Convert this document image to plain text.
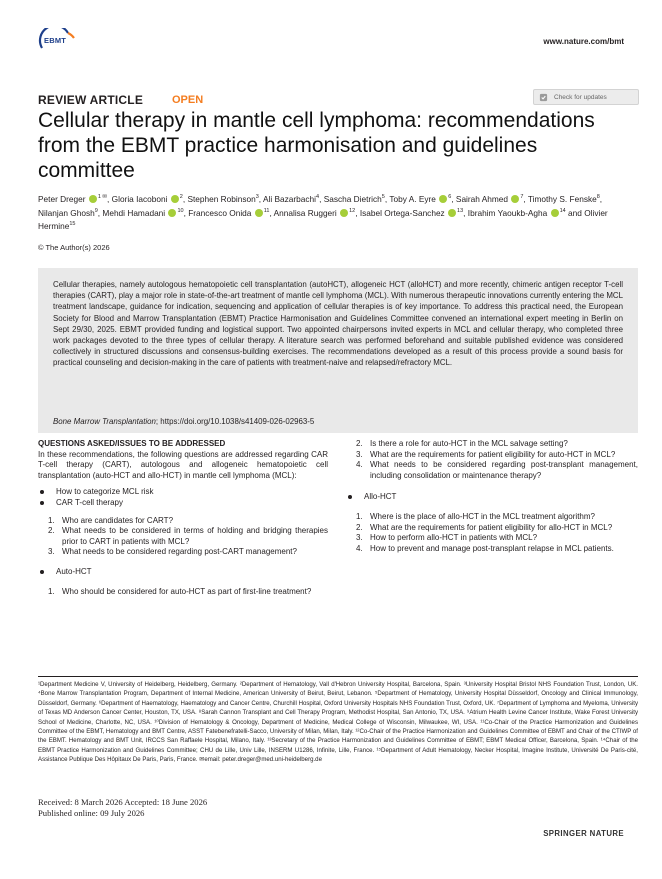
EBMT	www.nature.com/bmt
REVIEW ARTICLE	OPEN	Check for updates
Cellular therapy in mantle cell lymphoma: recommendations from the EBMT practice harmonisation and guidelines committee
Peter Dreger $^{1 ✉}$, Gloria Iacoboni $^2$, Stephen Robinson$^3$, Ali Bazarbachi$^4$, Sascha Dietrich$^5$, Toby A. Eyre $^6$, Sairah Ahmed $^7$, Timothy S. Fenske$^8$, Nilanjan Ghosh$^9$, Mehdi Hamadani $^{10}$, Francesco Onida $^{11}$, Annalisa Ruggeri $^{12}$, Isabel Ortega-Sanchez $^{13}$, Ibrahim Yaoukb-Agha $^{14}$ and Olivier Hermine$^{15}$
© The Author(s) 2026
Cellular therapies, namely autologous hematopoietic cell transplantation (autoHCT), allogeneic HCT (alloHCT) and more recently, chimeric antigen receptor T-cell therapies (CART), play a major role in state-of-the-art treatment of mantle cell lymphoma (MCL). With numerous therapeutic innovations currently entering the MCL treatment landscape, guidance for indication, sequencing and application of cellular therapies is of key importance. To address this practical need, the European Society for Blood and Marrow Transplantation (EBMT) Practice Harmonisation and Guidelines Committee convened an international expert meeting in Berlin on Sept 29/30, 2025. EBMT provided funding and logistical support. Two appointed chairpersons invited experts in MCL and cellular therapy, who completed three work packages devoted to the three types of cellular therapy. A literature search was performed beforehand and suitable published evidence was considered collectively in structured discussions and consensus-building exercises. The recommendations developed as a result of this process provide a sound basis for practical counseling and decision-making in the care of patients with treatment-naive and relapsed/refractory MCL.
Bone Marrow Transplantation; https://doi.org/10.1038/s41409-026-02963-5
QUESTIONS ASKED/ISSUES TO BE ADDRESSED

In these recommendations, the following questions are addressed regarding CAR T-cell therapy (CART), autologous and allogeneic hematopoietic cell transplantation (auto-HCT and allo-HCT) in mantle cell lymphoma (MCL):

How to categorize MCL risk
CAR T-cell therapy
1. Who are candidates for CART?
2. What needs to be considered in terms of holding and bridging therapies prior to CART in patients with MCL?
3. What needs to be considered regarding post-CART management?
Auto-HCT
1. Who should be considered for auto-HCT as part of first-line treatment?
2. Is there a role for auto-HCT in the MCL salvage setting?
3. What are the requirements for patient eligibility for auto-HCT in MCL?
4. What needs to be considered regarding post-transplant management, including consolidation or maintenance therapy?
Allo-HCT
1. Where is the place of allo-HCT in the MCL treatment algorithm?
2. What are the requirements for patient eligibility for allo-HCT in MCL?
3. How to perform allo-HCT in patients with MCL?
4. How to prevent and manage post-transplant relapse in MCL patients.
¹Department Medicine V, University of Heidelberg, Heidelberg, Germany. ²Department of Hematology, Vall d'Hebron University Hospital, Barcelona, Spain. ³University Hospital Bristol NHS Foundation Trust, London, UK. ⁴Bone Marrow Transplantation Program, Department of Internal Medicine, American University of Beirut, Beirut, Lebanon. ⁵Department of Hematology, University Hospital Düsseldorf, Oncology and Clinical Immunology, Düsseldorf, Germany. ⁶Department of Haematology, Haematology and Cancer Centre, Churchill Hospital, Oxford University Hospitals NHS Foundation Trust, Oxford, UK. ⁷Department of Lymphoma and Myeloma, University of Texas MD Anderson Cancer Center, Houston, TX, USA. ⁸Sarah Cannon Transplant and Cell Therapy Program, Methodist Hospital, San Antonio, TX, USA. ⁹Atrium Health Levine Cancer Institute, Wake Forest University School of Medicine, Charlotte, NC, USA. ¹⁰Division of Hematology & Oncology, Department of Medicine, Medical College of Wisconsin, Milwaukee, WI, USA. ¹¹Co-Chair of the Practice Harmonization and Guidelines Committee of the EBMT, Hematology and BMT Centre, ASST Fatebenefratelli-Sacco, University of Milan, Milan, Italy. ¹²Co-Chair of the Practice Harmonization and Guidelines Committee of EBMT and Chair of the CTIWP of the EBMT. Hematology and BMT Unit, IRCCS San Raffaele Hospital, Milano, Italy. ¹³Secretary of the Practice Harmonization and Guidelines Committee of EBMT; EBMT Medical Officer, Barcelona, Spain. ¹⁴Chair of the EBMT Practice Harmonization and Guidelines Committee; CHU de Lille, Univ Lille, INSERM U1286, Infinite, Lille, France. ¹⁵Department of Adult Hematology, Necker Hospital, Imagine Institute, Université De Paris-cité, Assistance Publique Des Hôpitaux De Paris, Paris, France. ✉email: peter.dreger@med.uni-heidelberg.de
Received: 8 March 2026 Accepted: 18 June 2026
Published online: 09 July 2026
SPRINGER NATURE
